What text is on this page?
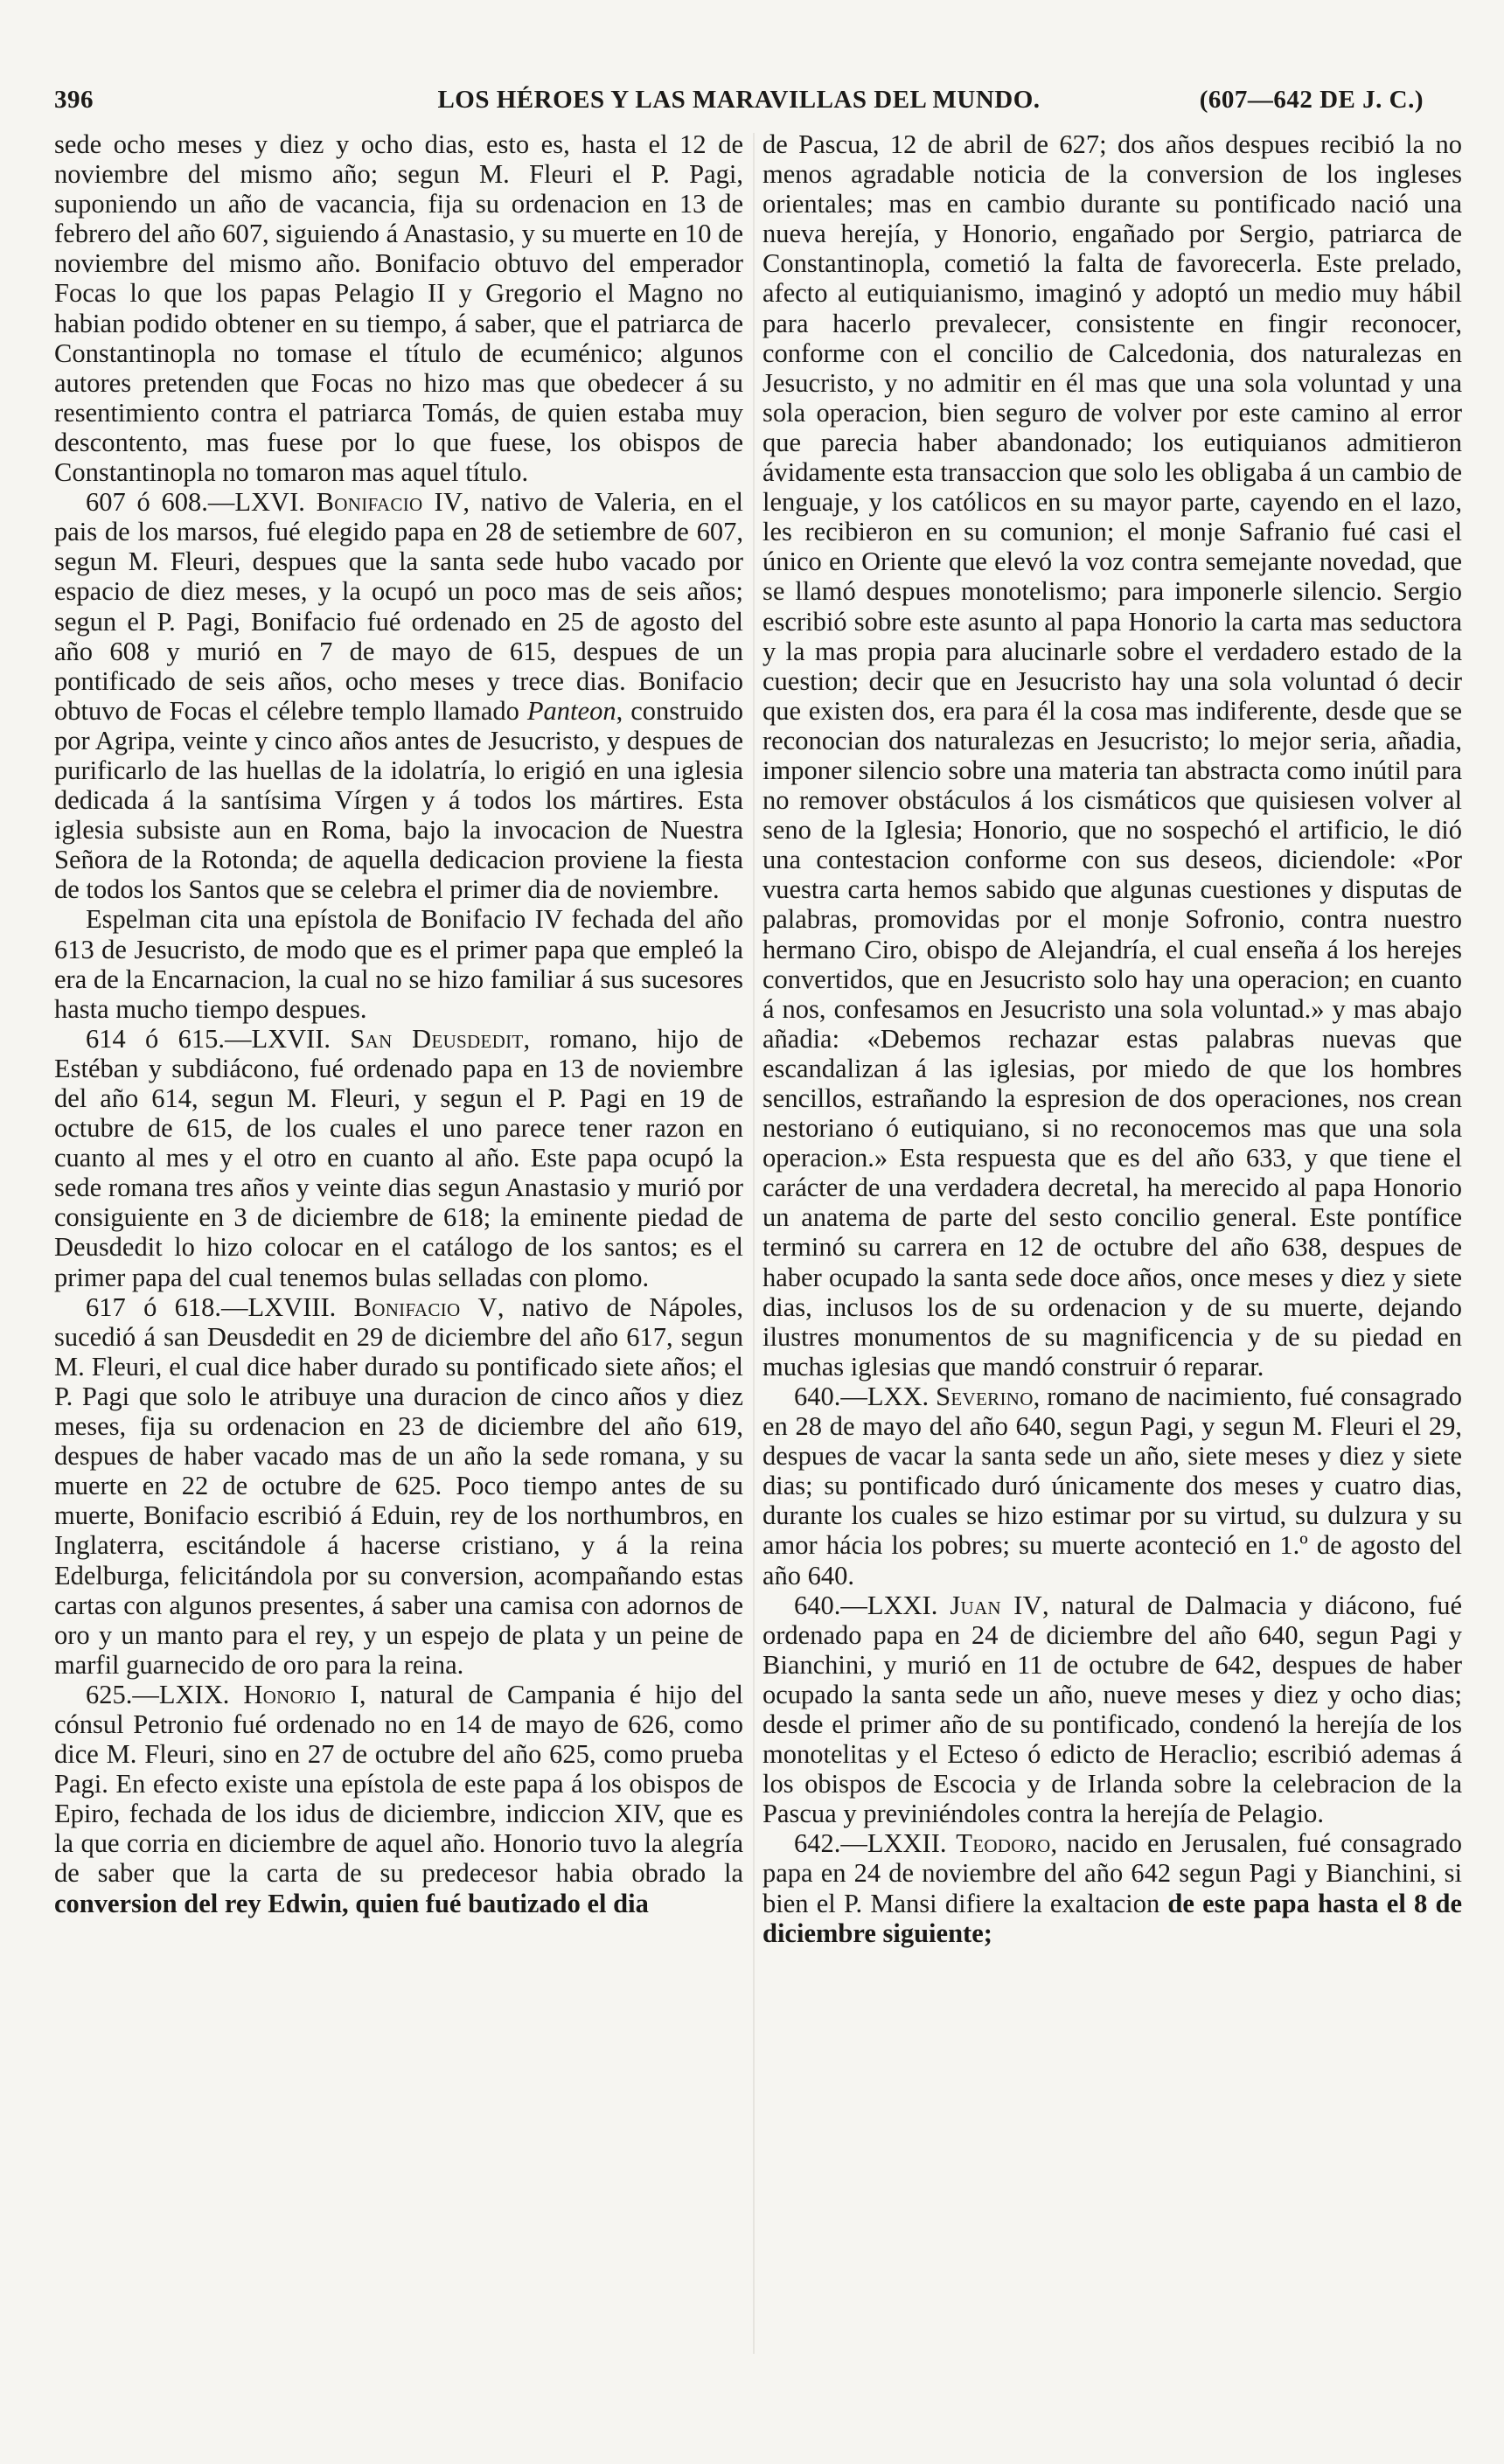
396	LOS HÉROES Y LAS MARAVILLAS DEL MUNDO.	(607—642 DE J. C.)

sede ocho meses y diez y ocho dias, esto es, hasta el 12 de noviembre del mismo año; segun M. Fleuri el P. Pagi, suponiendo un año de vacancia, fija su ordenacion en 13 de febrero del año 607, siguiendo á Anastasio, y su muerte en 10 de noviembre del mismo año. Bonifacio obtuvo del emperador Focas lo que los papas Pelagio II y Gregorio el Magno no habian podido obtener en su tiempo, á saber, que el patriarca de Constantinopla no tomase el título de ecuménico; algunos autores pretenden que Focas no hizo mas que obedecer á su resentimiento contra el patriarca Tomás, de quien estaba muy descontento, mas fuese por lo que fuese, los obispos de Constantinopla no tomaron mas aquel título.

607 ó 608.—LXVI. Bonifacio IV, nativo de Valeria, en el pais de los marsos, fué elegido papa en 28 de setiembre de 607, segun M. Fleuri, despues que la santa sede hubo vacado por espacio de diez meses, y la ocupó un poco mas de seis años; segun el P. Pagi, Bonifacio fué ordenado en 25 de agosto del año 608 y murió en 7 de mayo de 615, despues de un pontificado de seis años, ocho meses y trece dias. Bonifacio obtuvo de Focas el célebre templo llamado Panteon, construido por Agripa, veinte y cinco años antes de Jesucristo, y despues de purificarlo de las huellas de la idolatría, lo erigió en una iglesia dedicada á la santísima Vírgen y á todos los mártires. Esta iglesia subsiste aun en Roma, bajo la invocacion de Nuestra Señora de la Rotonda; de aquella dedicacion proviene la fiesta de todos los Santos que se celebra el primer dia de noviembre.

Espelman cita una epístola de Bonifacio IV fechada del año 613 de Jesucristo, de modo que es el primer papa que empleó la era de la Encarnacion, la cual no se hizo familiar á sus sucesores hasta mucho tiempo despues.

614 ó 615.—LXVII. San Deusdedit, romano, hijo de Estéban y subdiácono, fué ordenado papa en 13 de noviembre del año 614, segun M. Fleuri, y segun el P. Pagi en 19 de octubre de 615, de los cuales el uno parece tener razon en cuanto al mes y el otro en cuanto al año. Este papa ocupó la sede romana tres años y veinte dias segun Anastasio y murió por consiguiente en 3 de diciembre de 618; la eminente piedad de Deusdedit lo hizo colocar en el catálogo de los santos; es el primer papa del cual tenemos bulas selladas con plomo.

617 ó 618.—LXVIII. Bonifacio V, nativo de Nápoles, sucedió á san Deusdedit en 29 de diciembre del año 617, segun M. Fleuri, el cual dice haber durado su pontificado siete años; el P. Pagi que solo le atribuye una duracion de cinco años y diez meses, fija su ordenacion en 23 de diciembre del año 619, despues de haber vacado mas de un año la sede romana, y su muerte en 22 de octubre de 625. Poco tiempo antes de su muerte, Bonifacio escribió á Eduin, rey de los northumbros, en Inglaterra, escitándole á hacerse cristiano, y á la reina Edelburga, felicitándola por su conversion, acompañando estas cartas con algunos presentes, á saber una camisa con adornos de oro y un manto para el rey, y un espejo de plata y un peine de marfil guarnecido de oro para la reina.

625.—LXIX. Honorio I, natural de Campania é hijo del cónsul Petronio fué ordenado no en 14 de mayo de 626, como dice M. Fleuri, sino en 27 de octubre del año 625, como prueba Pagi. En efecto existe una epístola de este papa á los obispos de Epiro, fechada de los idus de diciembre, indiccion XIV, que es la que corria en diciembre de aquel año. Honorio tuvo la alegría de saber que la carta de su predecesor habia obrado la conversion del rey Edwin, quien fué bautizado el dia

de Pascua, 12 de abril de 627; dos años despues recibió la no menos agradable noticia de la conversion de los ingleses orientales; mas en cambio durante su pontificado nació una nueva herejía, y Honorio, engañado por Sergio, patriarca de Constantinopla, cometió la falta de favorecerla. Este prelado, afecto al eutiquianismo, imaginó y adoptó un medio muy hábil para hacerlo prevalecer, consistente en fingir reconocer, conforme con el concilio de Calcedonia, dos naturalezas en Jesucristo, y no admitir en él mas que una sola voluntad y una sola operacion, bien seguro de volver por este camino al error que parecia haber abandonado; los eutiquianos admitieron ávidamente esta transaccion que solo les obligaba á un cambio de lenguaje, y los católicos en su mayor parte, cayendo en el lazo, les recibieron en su comunion; el monje Safranio fué casi el único en Oriente que elevó la voz contra semejante novedad, que se llamó despues monotelismo; para imponerle silencio. Sergio escribió sobre este asunto al papa Honorio la carta mas seductora y la mas propia para alucinarle sobre el verdadero estado de la cuestion; decir que en Jesucristo hay una sola voluntad ó decir que existen dos, era para él la cosa mas indiferente, desde que se reconocian dos naturalezas en Jesucristo; lo mejor seria, añadia, imponer silencio sobre una materia tan abstracta como inútil para no remover obstáculos á los cismáticos que quisiesen volver al seno de la Iglesia; Honorio, que no sospechó el artificio, le dió una contestacion conforme con sus deseos, diciendole: «Por vuestra carta hemos sabido que algunas cuestiones y disputas de palabras, promovidas por el monje Sofronio, contra nuestro hermano Ciro, obispo de Alejandría, el cual enseña á los herejes convertidos, que en Jesucristo solo hay una operacion; en cuanto á nos, confesamos en Jesucristo una sola voluntad.» y mas abajo añadia: «Debemos rechazar estas palabras nuevas que escandalizan á las iglesias, por miedo de que los hombres sencillos, estrañando la espresion de dos operaciones, nos crean nestoriano ó eutiquiano, si no reconocemos mas que una sola operacion.» Esta respuesta que es del año 633, y que tiene el carácter de una verdadera decretal, ha merecido al papa Honorio un anatema de parte del sesto concilio general. Este pontífice terminó su carrera en 12 de octubre del año 638, despues de haber ocupado la santa sede doce años, once meses y diez y siete dias, inclusos los de su ordenacion y de su muerte, dejando ilustres monumentos de su magnificencia y de su piedad en muchas iglesias que mandó construir ó reparar.

640.—LXX. Severino, romano de nacimiento, fué consagrado en 28 de mayo del año 640, segun Pagi, y segun M. Fleuri el 29, despues de vacar la santa sede un año, siete meses y diez y siete dias; su pontificado duró únicamente dos meses y cuatro dias, durante los cuales se hizo estimar por su virtud, su dulzura y su amor hácia los pobres; su muerte aconteció en 1.º de agosto del año 640.

640.—LXXI. Juan IV, natural de Dalmacia y diácono, fué ordenado papa en 24 de diciembre del año 640, segun Pagi y Bianchini, y murió en 11 de octubre de 642, despues de haber ocupado la santa sede un año, nueve meses y diez y ocho dias; desde el primer año de su pontificado, condenó la herejía de los monotelitas y el Ecteso ó edicto de Heraclio; escribió ademas á los obispos de Escocia y de Irlanda sobre la celebracion de la Pascua y previniéndoles contra la herejía de Pelagio.

642.—LXXII. Teodoro, nacido en Jerusalen, fué consagrado papa en 24 de noviembre del año 642 segun Pagi y Bianchini, si bien el P. Mansi difiere la exaltacion de este papa hasta el 8 de diciembre siguiente;
